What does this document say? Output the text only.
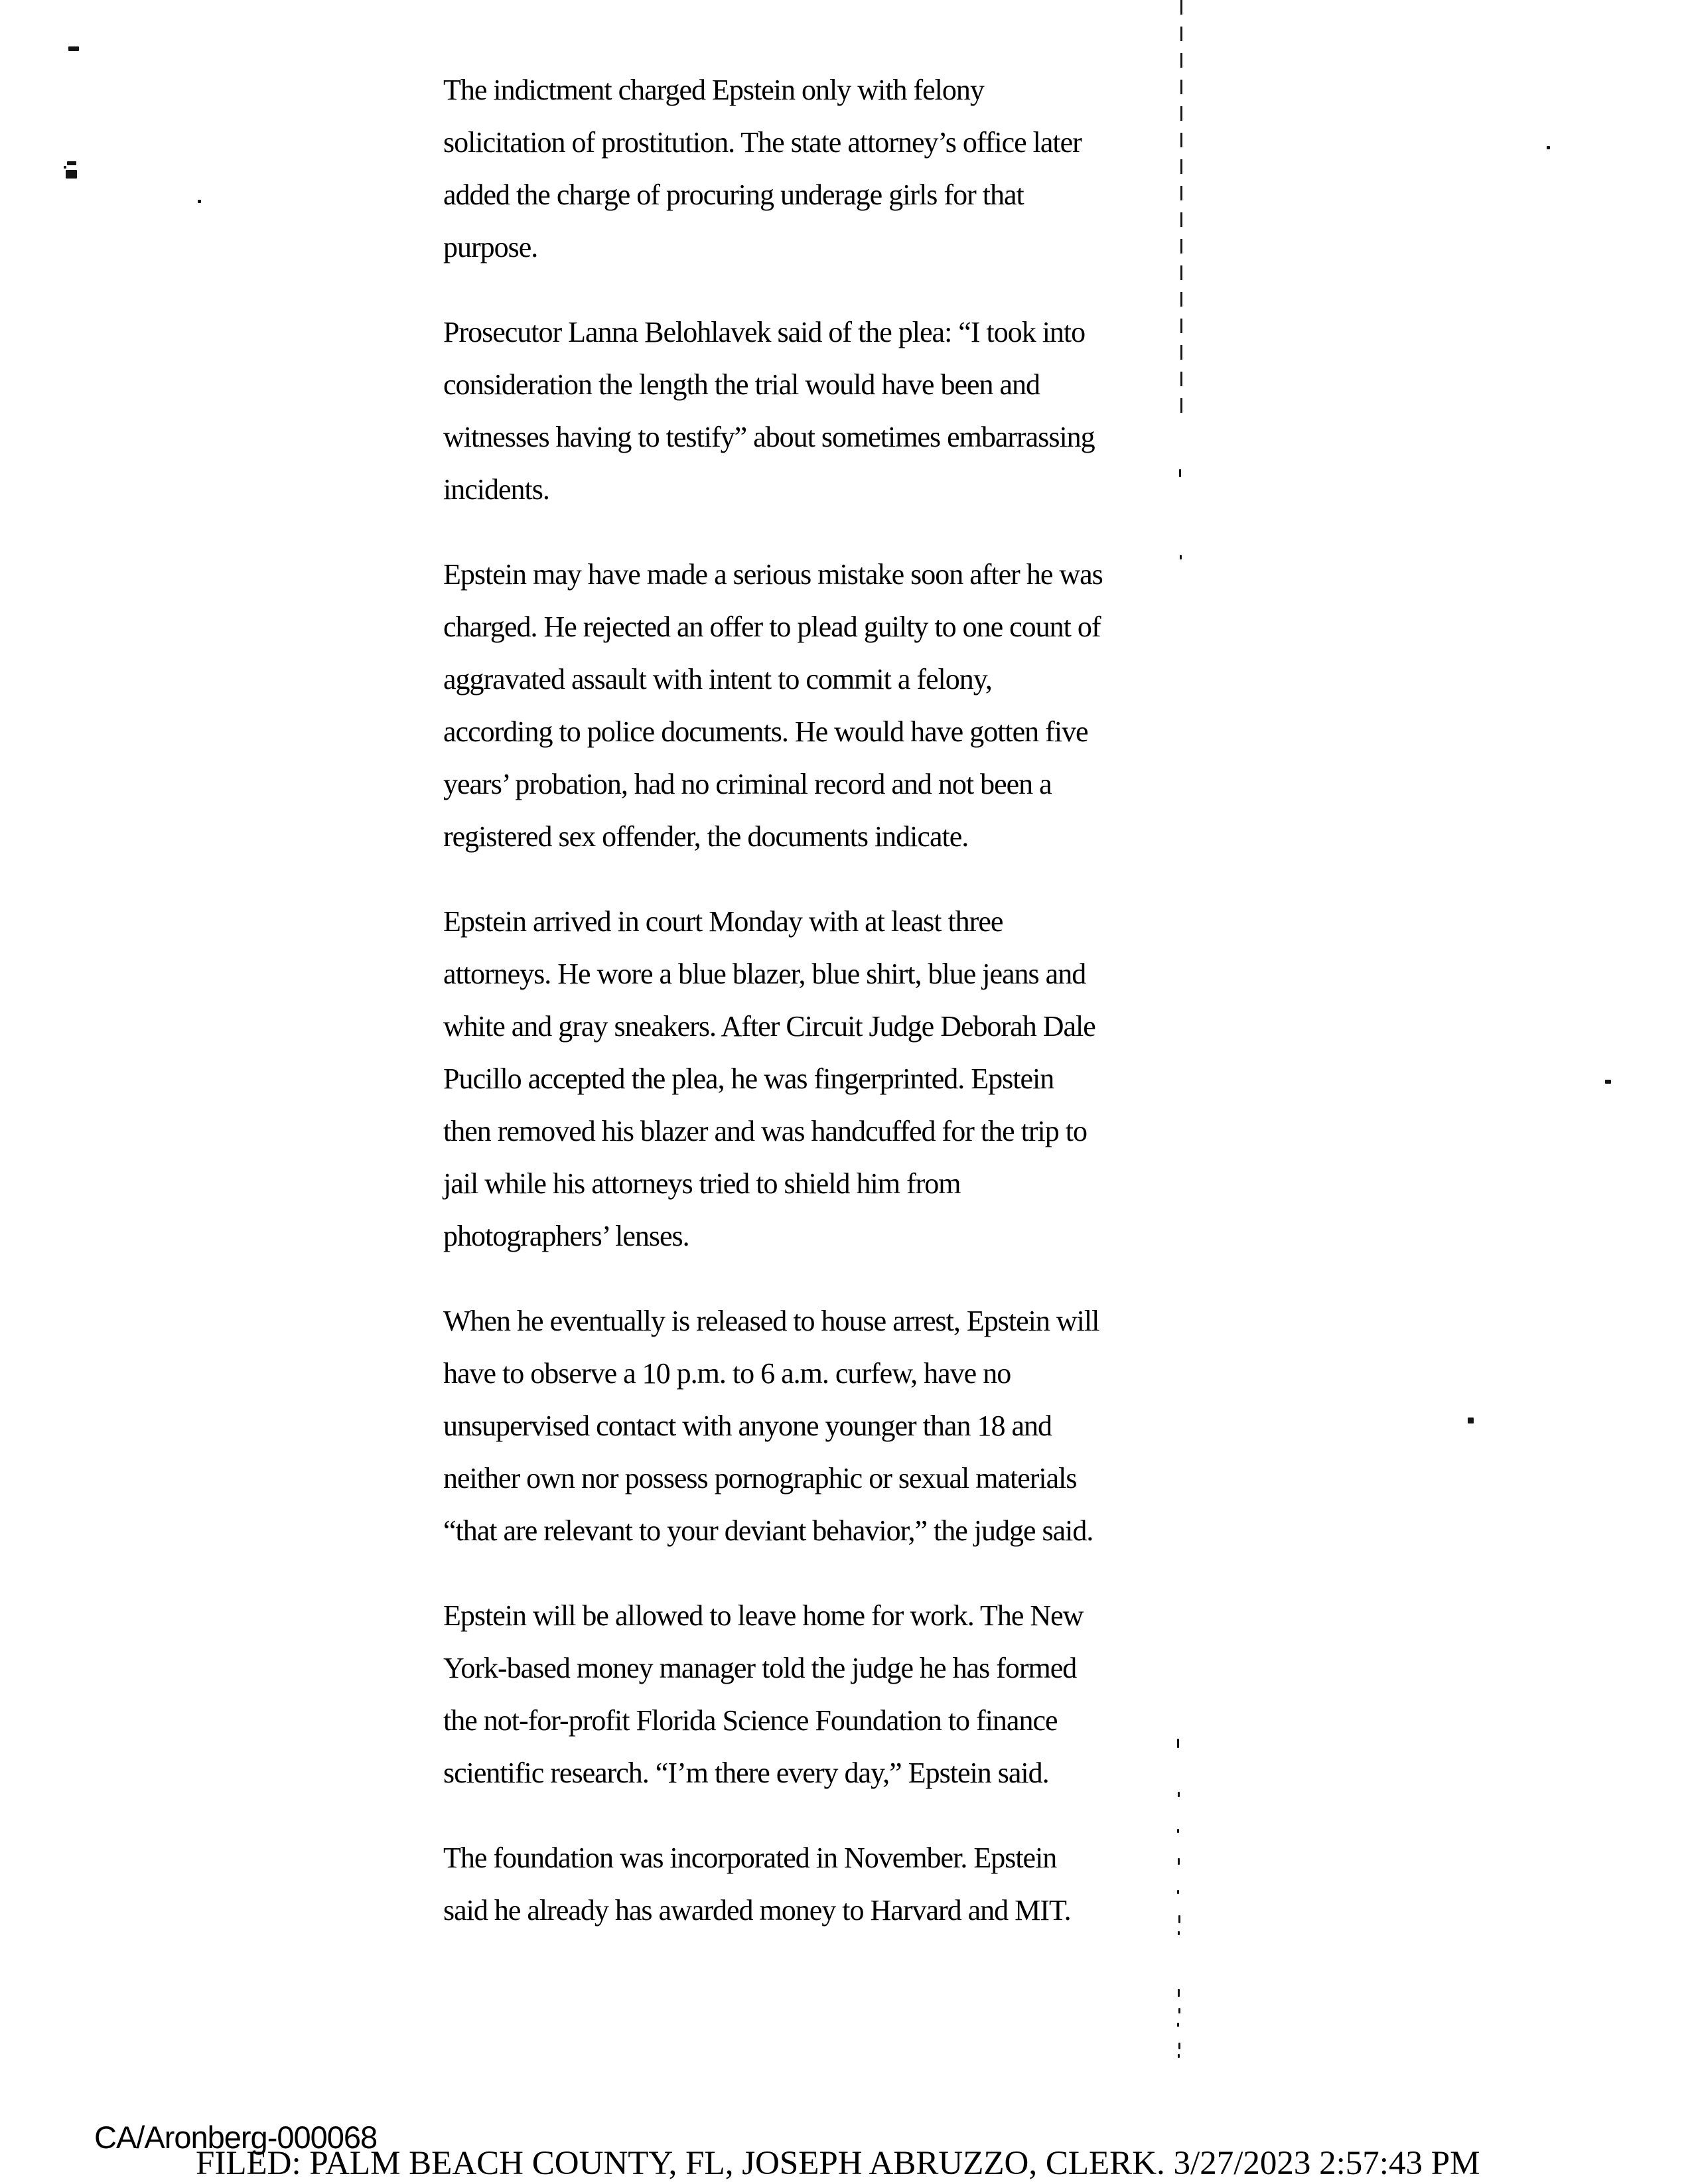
The indictment charged Epstein only with felony
solicitation of prostitution. The state attorney’s office later
added the charge of procuring underage girls for that
purpose.

Prosecutor Lanna Belohlavek said of the plea: “I took into
consideration the length the trial would have been and
witnesses having to testify” about sometimes embarrassing
incidents.

Epstein may have made a serious mistake soon after he was
charged. He rejected an offer to plead guilty to one count of
aggravated assault with intent to commit a felony,
according to police documents. He would have gotten five
years’ probation, had no criminal record and not been a
registered sex offender, the documents indicate.

Epstein arrived in court Monday with at least three
attorneys. He wore a blue blazer, blue shirt, blue jeans and
white and gray sneakers. After Circuit Judge Deborah Dale
Pucillo accepted the plea, he was fingerprinted. Epstein
then removed his blazer and was handcuffed for the trip to
jail while his attorneys tried to shield him from
photographers’ lenses.

When he eventually is released to house arrest, Epstein will
have to observe a 10 p.m. to 6 a.m. curfew, have no
unsupervised contact with anyone younger than 18 and
neither own nor possess pornographic or sexual materials
“that are relevant to your deviant behavior,” the judge said.

Epstein will be allowed to leave home for work. The New
York-based money manager told the judge he has formed
the not-for-profit Florida Science Foundation to finance
scientific research. “I’m there every day,” Epstein said.

The foundation was incorporated in November. Epstein
said he already has awarded money to Harvard and MIT.

CA/Aronberg-000068
FILED: PALM BEACH COUNTY, FL, JOSEPH ABRUZZO, CLERK. 3/27/2023 2:57:43 PM
